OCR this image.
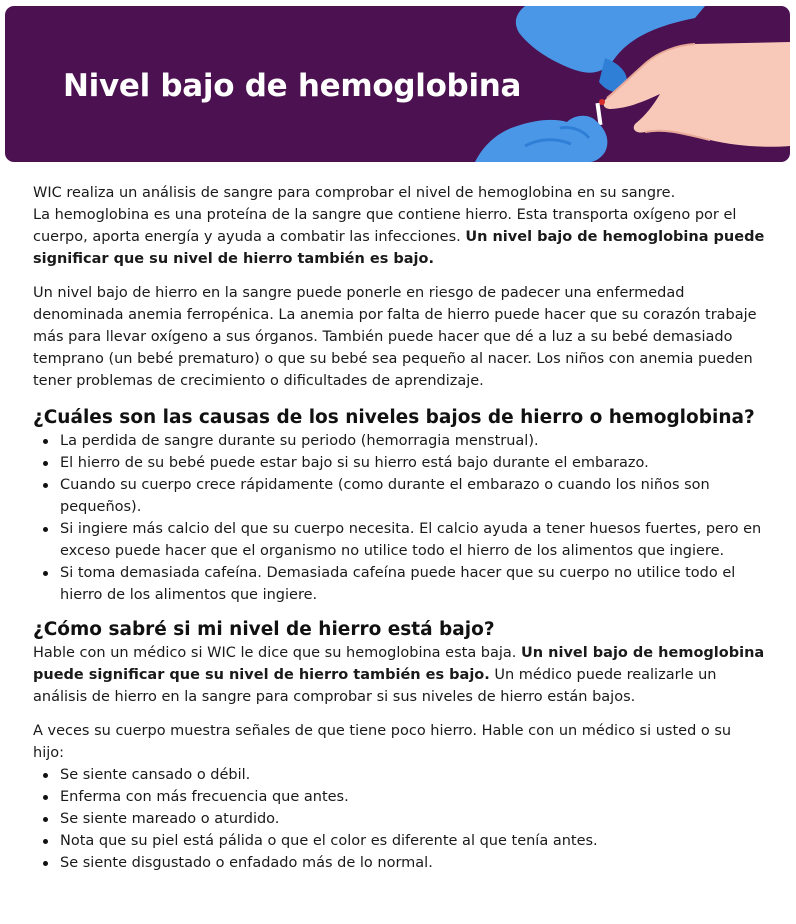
Nivel bajo de hemoglobina

WIC realiza un análisis de sangre para comprobar el nivel de hemoglobina en su sangre.
La hemoglobina es una proteína de la sangre que contiene hierro. Esta transporta oxígeno por el cuerpo, aporta energía y ayuda a combatir las infecciones. Un nivel bajo de hemoglobina puede significar que su nivel de hierro también es bajo.

Un nivel bajo de hierro en la sangre puede ponerle en riesgo de padecer una enfermedad denominada anemia ferropénica. La anemia por falta de hierro puede hacer que su corazón trabaje más para llevar oxígeno a sus órganos. También puede hacer que dé a luz a su bebé demasiado temprano (un bebé prematuro) o que su bebé sea pequeño al nacer. Los niños con anemia pueden tener problemas de crecimiento o dificultades de aprendizaje.

¿Cuáles son las causas de los niveles bajos de hierro o hemoglobina?
La perdida de sangre durante su periodo (hemorragia menstrual).
El hierro de su bebé puede estar bajo si su hierro está bajo durante el embarazo.
Cuando su cuerpo crece rápidamente (como durante el embarazo o cuando los niños son pequeños).
Si ingiere más calcio del que su cuerpo necesita. El calcio ayuda a tener huesos fuertes, pero en exceso puede hacer que el organismo no utilice todo el hierro de los alimentos que ingiere.
Si toma demasiada cafeína. Demasiada cafeína puede hacer que su cuerpo no utilice todo el hierro de los alimentos que ingiere.
¿Cómo sabré si mi nivel de hierro está bajo?

Hable con un médico si WIC le dice que su hemoglobina esta baja. Un nivel bajo de hemoglobina puede significar que su nivel de hierro también es bajo. Un médico puede realizarle un análisis de hierro en la sangre para comprobar si sus niveles de hierro están bajos.

A veces su cuerpo muestra señales de que tiene poco hierro. Hable con un médico si usted o su hijo:

Se siente cansado o débil.
Enferma con más frecuencia que antes.
Se siente mareado o aturdido.
Nota que su piel está pálida o que el color es diferente al que tenía antes.
Se siente disgustado o enfadado más de lo normal.
